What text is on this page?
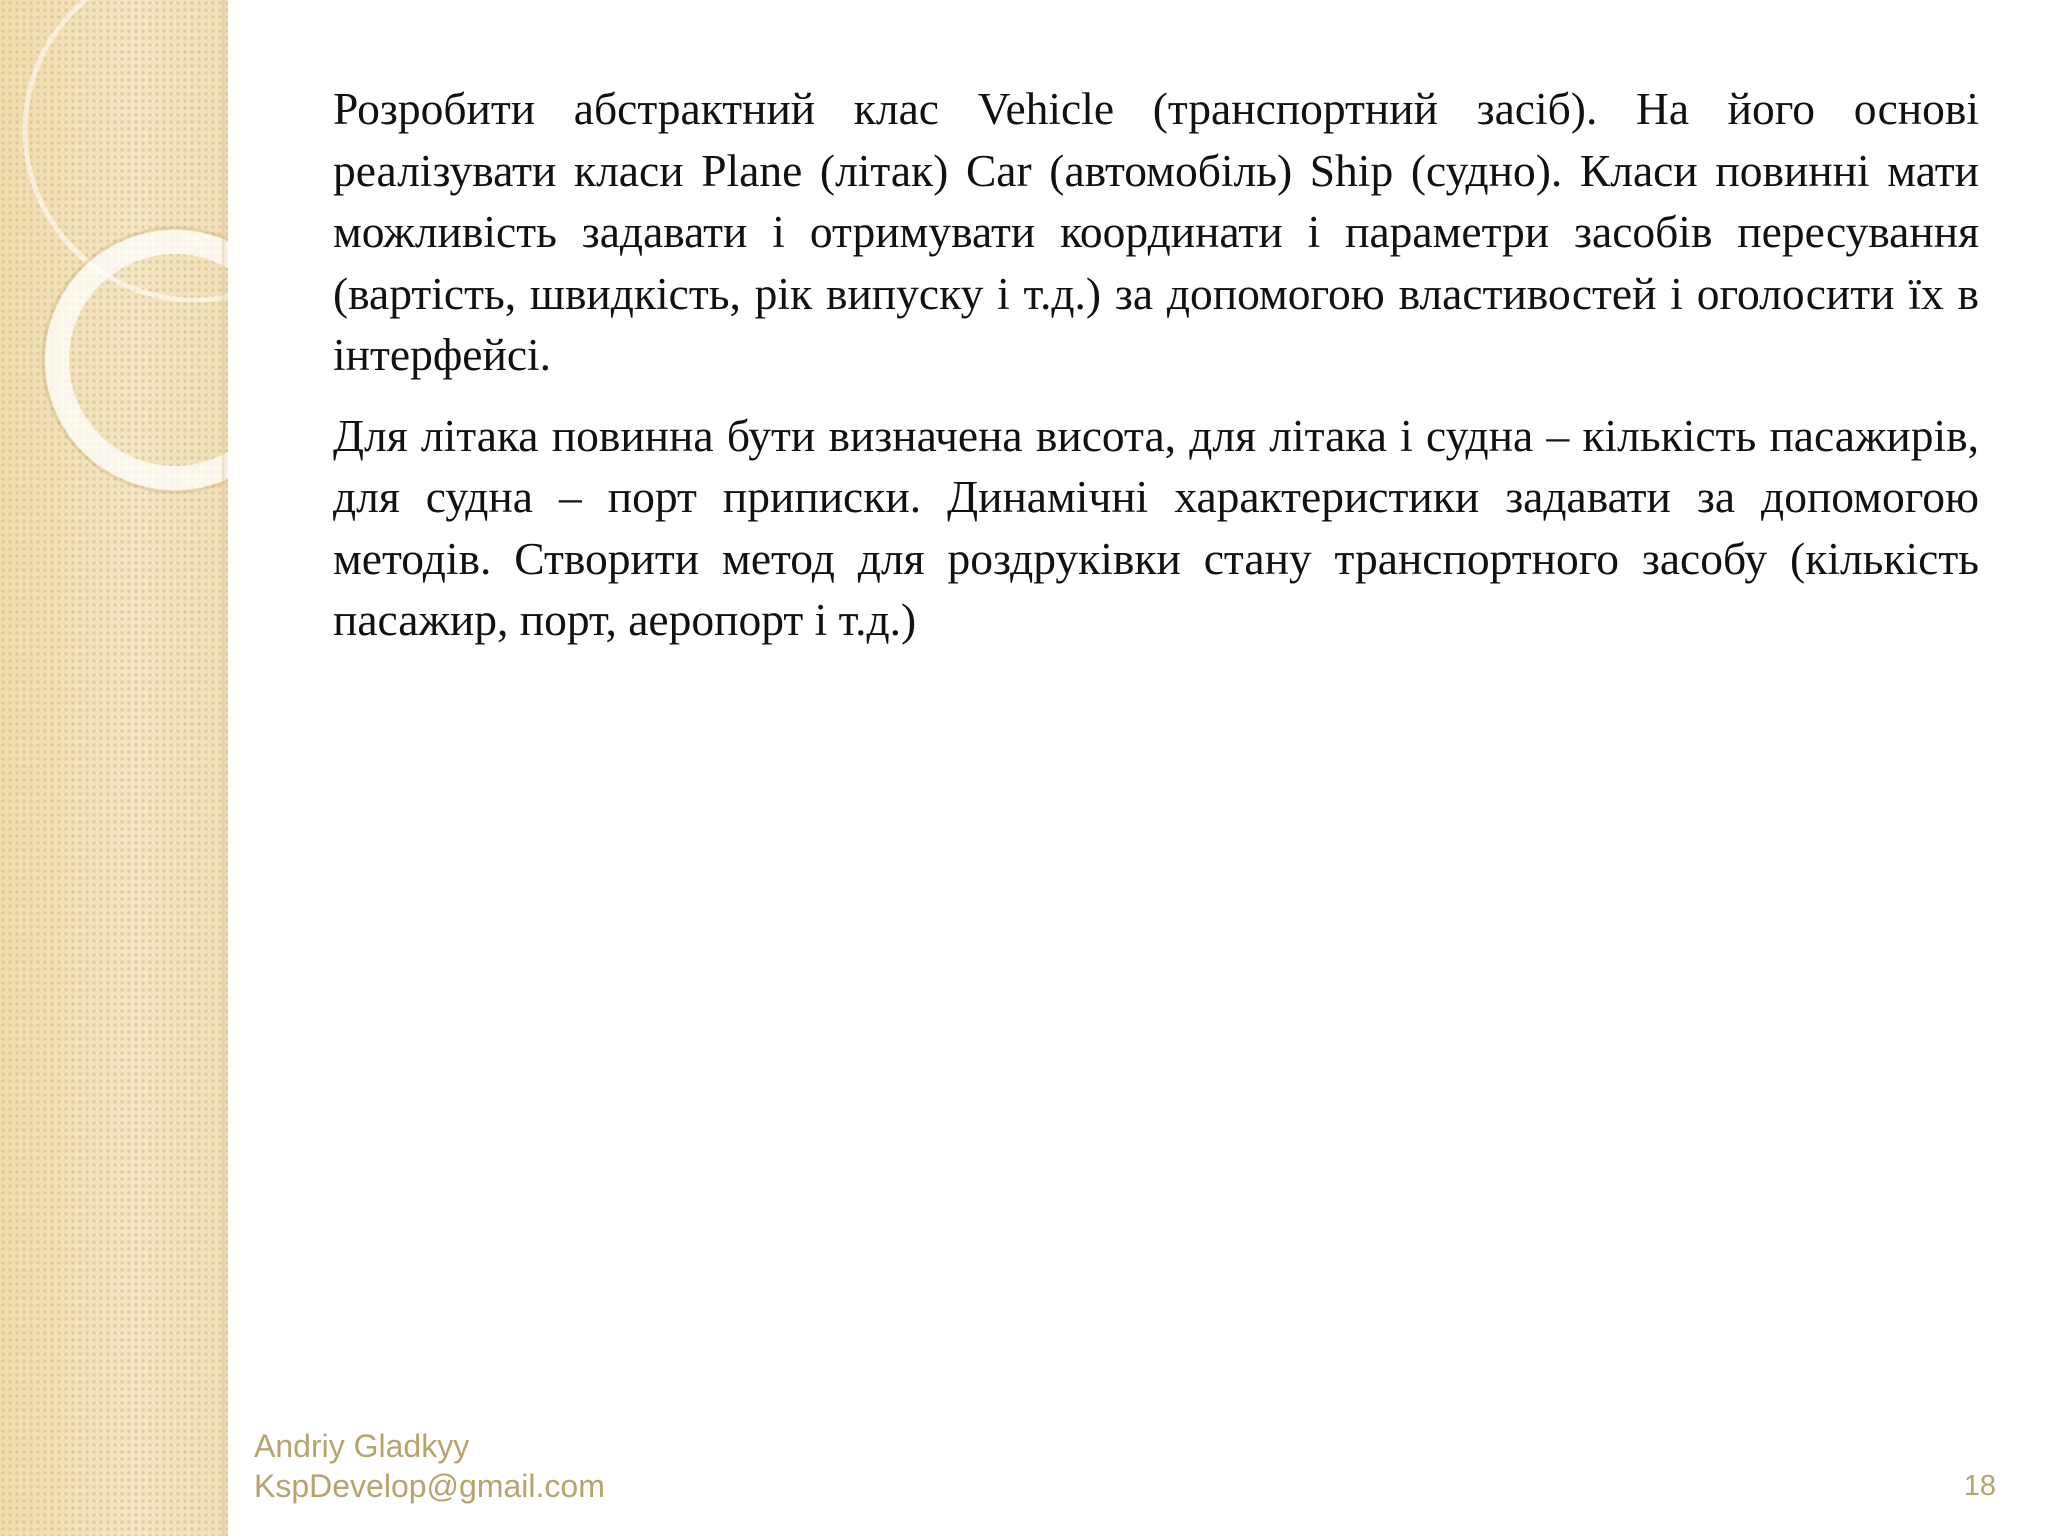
Розробити абстрактний клас Vehicle (транспортний засіб). На його основі реалізувати класи Plane (літак) Car (автомобіль) Ship (судно). Класи повинні мати можливість задавати і отримувати координати і параметри засобів пересування (вартість, швидкість, рік випуску і т.д.) за допомогою властивостей і оголосити їх в інтерфейсі.

Для літака повинна бути визначена висота, для літака і судна – кількість пасажирів, для судна – порт приписки. Динамічні характеристики задавати за допомогою методів. Створити метод для роздруківки стану транспортного засобу (кількість пасажир, порт, аеропорт і т.д.)

Andriy Gladkyy
KspDevelop@gmail.com	18
